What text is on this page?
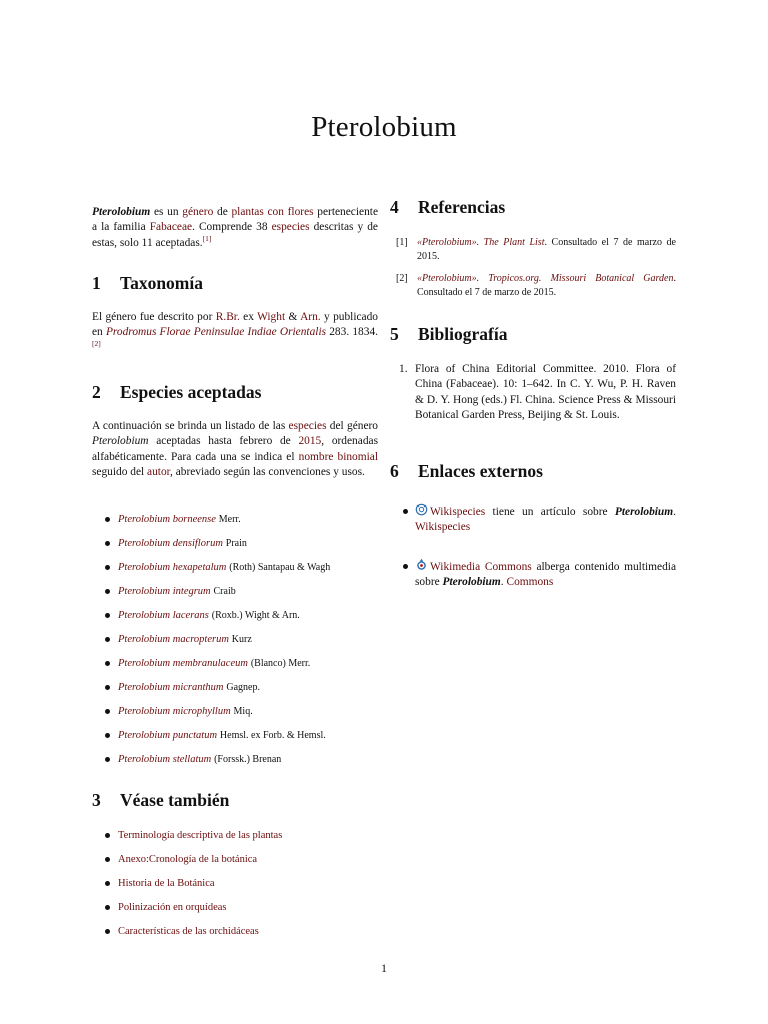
Pterolobium

Pterolobium es un género de plantas con flores perteneciente a la familia Fabaceae. Comprende 38 especies descritas y de estas, solo 11 aceptadas.[1]

1 Taxonomía

El género fue descrito por R.Br. ex Wight & Arn. y publicado en Prodromus Florae Peninsulae Indiae Orientalis 283. 1834.[2]

2 Especies aceptadas

A continuación se brinda un listado de las especies del género Pterolobium aceptadas hasta febrero de 2015, ordenadas alfabéticamente. Para cada una se indica el nombre binomial seguido del autor, abreviado según las convenciones y usos.

Pterolobium borneense Merr.
Pterolobium densiflorum Prain
Pterolobium hexapetalum (Roth) Santapau & Wagh
Pterolobium integrum Craib
Pterolobium lacerans (Roxb.) Wight & Arn.
Pterolobium macropterum Kurz
Pterolobium membranulaceum (Blanco) Merr.
Pterolobium micranthum Gagnep.
Pterolobium microphyllum Miq.
Pterolobium punctatum Hemsl. ex Forb. & Hemsl.
Pterolobium stellatum (Forssk.) Brenan
3 Véase también
Terminología descriptiva de las plantas
Anexo:Cronología de la botánica
Historia de la Botánica
Polinización en orquídeas
Características de las orchidáceas
4 Referencias
[1] «Pterolobium». The Plant List. Consultado el 7 de marzo de 2015.
[2] «Pterolobium». Tropicos.org. Missouri Botanical Garden. Consultado el 7 de marzo de 2015.
5 Bibliografía
1. Flora of China Editorial Committee. 2010. Flora of China (Fabaceae). 10: 1–642. In C. Y. Wu, P. H. Raven & D. Y. Hong (eds.) Fl. China. Science Press & Missouri Botanical Garden Press, Beijing & St. Louis.
6 Enlaces externos
Wikispecies tiene un artículo sobre Pterolobium. Wikispecies
Wikimedia Commons alberga contenido multimedia sobre Pterolobium. Commons
1
